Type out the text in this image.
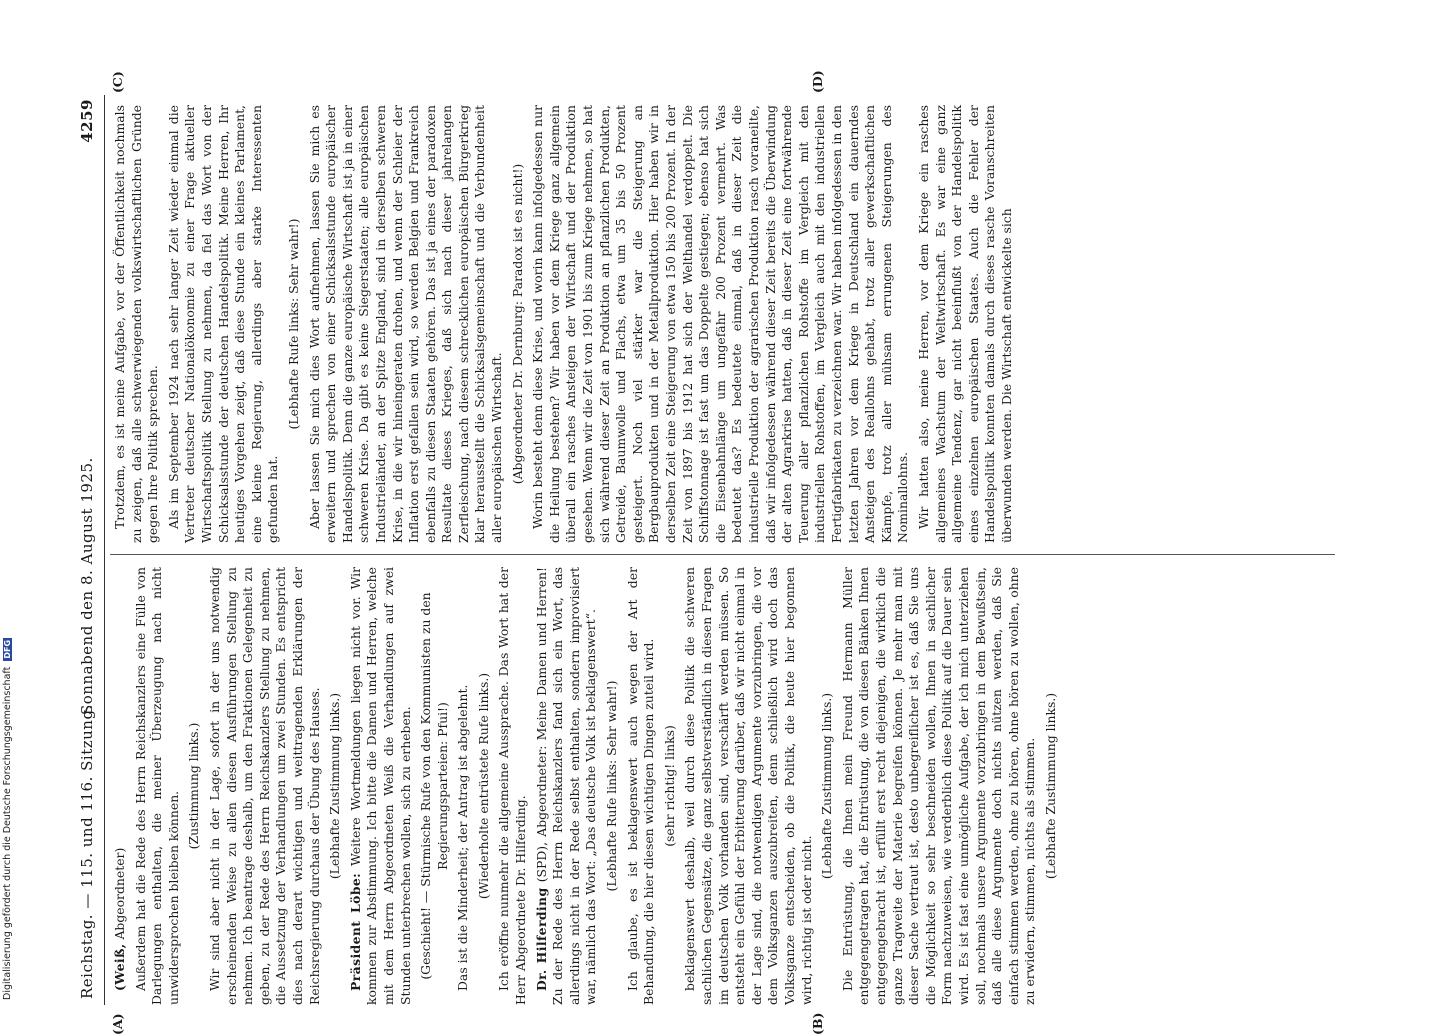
Reichstag. — 115. und 116. Sitzung.
Sonnabend den 8. August 1925.
4259
(A)	(B)
(C)	(D)

(Weiß, Abgeordneter) Außerdem hat die Rede des Herrn Reichskanzlers eine Fülle von Darlegungen enthalten, die meiner Überzeugung nach nicht unwidersprochen bleiben können.

(Zustimmung links.) Wir sind aber nicht in der Lage, sofort in der uns notwendig erscheinenden Weise zu allen diesen Ausführungen Stellung zu nehmen. Ich beantrage deshalb, um den Fraktionen Gelegenheit zu geben, zu der Rede des Herrn Reichskanzlers Stellung zu nehmen, die Aussetzung der Verhandlungen um zwei Stunden. Es entspricht dies nach derart wichtigen und weittragenden Erklärungen der Reichsregierung durchaus der Übung des Hauses. (Lebhafte Zustimmung links.)

Präsident Löbe: Weitere Wortmeldungen liegen nicht vor. Wir kommen zur Abstimmung. Ich bitte die Damen und Herren, welche mit dem Herrn Abgeordneten Weiß die Verhandlungen auf zwei Stunden unterbrechen wollen, sich zu erheben. (Geschieht! — Stürmische Rufe von den Kommunisten zu den Regierungsparteien: Pfui!) Das ist die Minderheit; der Antrag ist abgelehnt. (Wiederholte entrüstete Rufe links.) Ich eröffne nunmehr die allgemeine Aussprache. Das Wort hat der Herr Abgeordnete Dr. Hilferding. Dr. Hilferding (SPD), Abgeordneter: Meine Damen und Herren! Zu der Rede des Herrn Reichskanzlers fand sich ein Wort, das allerdings nicht in der Rede selbst enthalten, sondern improvisiert war, nämlich das Wort: „Das deutsche Volk ist beklagenswert“. (Lebhafte Rufe links: Sehr wahr!) Ich glaube, es ist beklagenswert auch wegen der Art der Behandlung, die hier diesen wichtigen Dingen zuteil wird. (sehr richtig! links) beklagenswert deshalb, weil durch diese Politik die schweren sachlichen Gegensätze, die ganz selbstverständlich in diesen Fragen im deutschen Volk vorhanden sind, verschärft werden müssen. So entsteht ein Gefühl der Erbitterung darüber, daß wir nicht einmal in der Lage sind, die notwendigen Argumente vorzubringen, die vor dem Volksganzen auszubreiten, denn schließlich wird doch das Volksganze entscheiden, ob die Politik, die heute hier begonnen wird, richtig ist oder nicht.

(Lebhafte Zustimmung links.) Die Entrüstung, die Ihnen mein Freund Hermann Müller entgegengetragen hat, die Entrüstung, die von diesen Bänken Ihnen entgegengebracht ist, erfüllt erst recht diejenigen, die wirklich die ganze Tragweite der Materie begreifen können. Je mehr man mit dieser Sache vertraut ist, desto unbegreiflicher ist es, daß Sie uns die Möglichkeit so sehr beschneiden wollen, Ihnen in sachlicher Form nachzuweisen, wie verderblich diese Politik auf die Dauer sein wird. Es ist fast eine unmögliche Aufgabe, der ich mich unterziehen soll, nochmals unsere Argumente vorzubringen in dem Bewußtsein, daß alle diese Argumente doch nichts nützen werden, daß Sie einfach stimmen werden, ohne zu hören, ohne hören zu wollen, ohne zu erwidern, stimmen, nichts als stimmen. (Lebhafte Zustimmung links.)

Trotzdem, es ist meine Aufgabe, vor der Öffentlichkeit nochmals zu zeigen, daß alle schwerwiegenden volkswirtschaftlichen Gründe gegen Ihre Politik sprechen. Als im September 1924 nach sehr langer Zeit wieder einmal die Vertreter deutscher Nationalökonomie zu einer Frage aktueller Wirtschaftspolitik Stellung zu nehmen, da fiel das Wort von der Schicksalsstunde der deutschen Handelspolitik. Meine Herren, Ihr heutiges Vorgehen zeigt, daß diese Stunde ein kleines Parlament, eine kleine Regierung, allerdings aber starke Interessenten gefunden hat.

(Lebhafte Rufe links: Sehr wahr!) Aber lassen Sie mich dies Wort aufnehmen, lassen Sie mich es erweitern und sprechen von einer Schicksalsstunde europäischer Handelspolitik. Denn die ganze europäische Wirtschaft ist ja in einer schweren Krise. Da gibt es keine Siegerstaaten; alle europäischen Industrieländer, an der Spitze England, sind in derselben schweren Krise, in die wir hineingeraten drohen, und wenn der Schleier der Inflation erst gefallen sein wird, so werden Belgien und Frankreich ebenfalls zu diesen Staaten gehören. Das ist ja eines der paradoxen Resultate dieses Krieges, daß sich nach dieser jahrelangen Zerfleischung, nach diesem schrecklichen europäischen Bürgerkrieg klar herausstellt die Schicksalsgemeinschaft und die Verbundenheit aller europäischen Wirtschaft. (Abgeordneter Dr. Dernburg: Paradox ist es nicht!) Worin besteht denn diese Krise, und worin kann infolgedessen nur die Heilung bestehen? Wir haben vor dem Kriege ganz allgemein überall ein rasches Ansteigen der Wirtschaft und der Produktion gesehen. Wenn wir die Zeit von 1901 bis zum Kriege nehmen, so hat sich während dieser Zeit an Produktion an pflanzlichen Produkten, Getreide, Baumwolle und Flachs, etwa um 35 bis 50 Prozent gesteigert. Noch viel stärker war die Steigerung an Bergbauprodukten und in der Metallproduktion. Hier haben wir in derselben Zeit eine Steigerung von etwa 150 bis 200 Prozent. In der Zeit von 1897 bis 1912 hat sich der Welthandel verdoppelt. Die Schiffstonnage ist fast um das Doppelte gestiegen; ebenso hat sich die Eisenbahnlänge um ungefähr 200 Prozent vermehrt. Was bedeutet das? Es bedeutete einmal, daß in dieser Zeit die industrielle Produktion der agrarischen Produktion rasch voraneilte, daß wir infolgedessen während dieser Zeit bereits die Überwindung der alten Agrarkrise hatten, daß in dieser Zeit eine fortwährende Teuerung aller pflanzlichen Rohstoffe im Vergleich mit den industriellen Rohstoffen, im Vergleich auch mit den industriellen Fertigfabrikaten zu verzeichnen war. Wir haben infolgedessen in den letzten Jahren vor dem Kriege in Deutschland ein dauerndes Ansteigen des Reallohns gehabt, trotz aller gewerkschaftlichen Kämpfe, trotz aller mühsam errungenen Steigerungen des Nominallohns. Wir hatten also, meine Herren, vor dem Kriege ein rasches allgemeines Wachstum der Weltwirtschaft. Es war eine ganz allgemeine Tendenz, gar nicht beeinflußt von der Handelspolitik eines einzelnen europäischen Staates. Auch die Fehler der Handelspolitik konnten damals durch dieses rasche Voranschreiten überwunden werden. Die Wirtschaft entwickelte sich

Digitalisierung gefördert durch die Deutsche Forschungsgemeinschaft DFG
